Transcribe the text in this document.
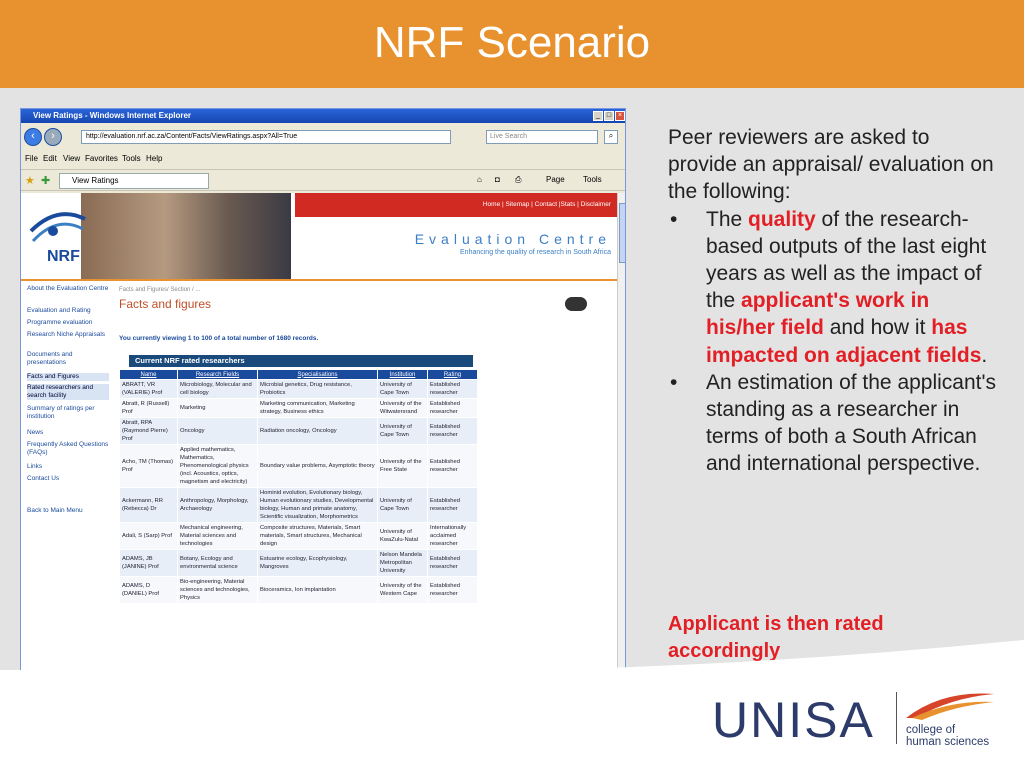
NRF Scenario
View Ratings - Windows Internet Explorer	_ □ ×
‹	›	http://evaluation.nrf.ac.za/Content/Facts/ViewRatings.aspx?All=True	Live Search	⌕
File Edit View Favorites Tools Help
★ ✚	View Ratings	⌂ ◘ ⎙	Page Tools
NRF
Home | Sitemap | Contact |Stats | Disclaimer
Evaluation Centre
Enhancing the quality of research in South Africa
About the Evaluation Centre
Evaluation and Rating
Programme evaluation
Research Niche Appraisals
Documents and presentations
Facts and Figures
Rated researchers and search facility
Summary of ratings per institution
News
Frequently Asked Questions (FAQs)
Links
Contact Us
Back to Main Menu
Facts and Figures/ Section / ...
Facts and figures
You currently viewing 1 to 100 of a total number of 1680 records.
Current NRF rated researchers
Name	Research Fields	Specialisations	Institution	Rating
ABRATT, VR (VALERIE) Prof	Microbiology, Molecular and cell biology	Microbial genetics, Drug resistance, Probiotics	University of Cape Town	Established researcher
Abratt, R (Russell) Prof	Marketing	Marketing communication, Marketing strategy, Business ethics	University of the Witwatersrand	Established researcher
Abratt, RPA (Raymond Pierre) Prof	Oncology	Radiation oncology, Oncology	University of Cape Town	Established researcher
Acho, TM (Thomas) Prof	Applied mathematics, Mathematics, Phenomenological physics (incl. Acoustics, optics, magnetism and electricity)	Boundary value problems, Asymptotic theory	University of the Free State	Established researcher
Ackermann, RR (Rebecca) Dr	Anthropology, Morphology, Archaeology	Hominid evolution, Evolutionary biology, Human evolutionary studies, Developmental biology, Human and primate anatomy, Scientific visualization, Morphometrics	University of Cape Town	Established researcher
Adali, S (Sarp) Prof	Mechanical engineering, Material sciences and technologies	Composite structures, Materials, Smart materials, Smart structures, Mechanical design	University of KwaZulu-Natal	Internationally acclaimed researcher
ADAMS, JB (JANINE) Prof	Botany, Ecology and environmental science	Estuarine ecology, Ecophysiology, Mangroves	Nelson Mandela Metropolitan University	Established researcher
ADAMS, D (DANIEL) Prof	Bio-engineering, Material sciences and technologies, Physics	Bioceramics, Ion implantation	University of the Western Cape	Established researcher

Peer reviewers are asked to provide an appraisal/ evaluation on the following:

• The quality of the research-based outputs of the last eight years as well as the impact of the applicant's work in his/her field and how it has impacted on adjacent fields.

• An estimation of the applicant's standing as a researcher in terms of both a South African and international perspective.

Applicant is then rated accordingly
UNISA	college of
human sciences
